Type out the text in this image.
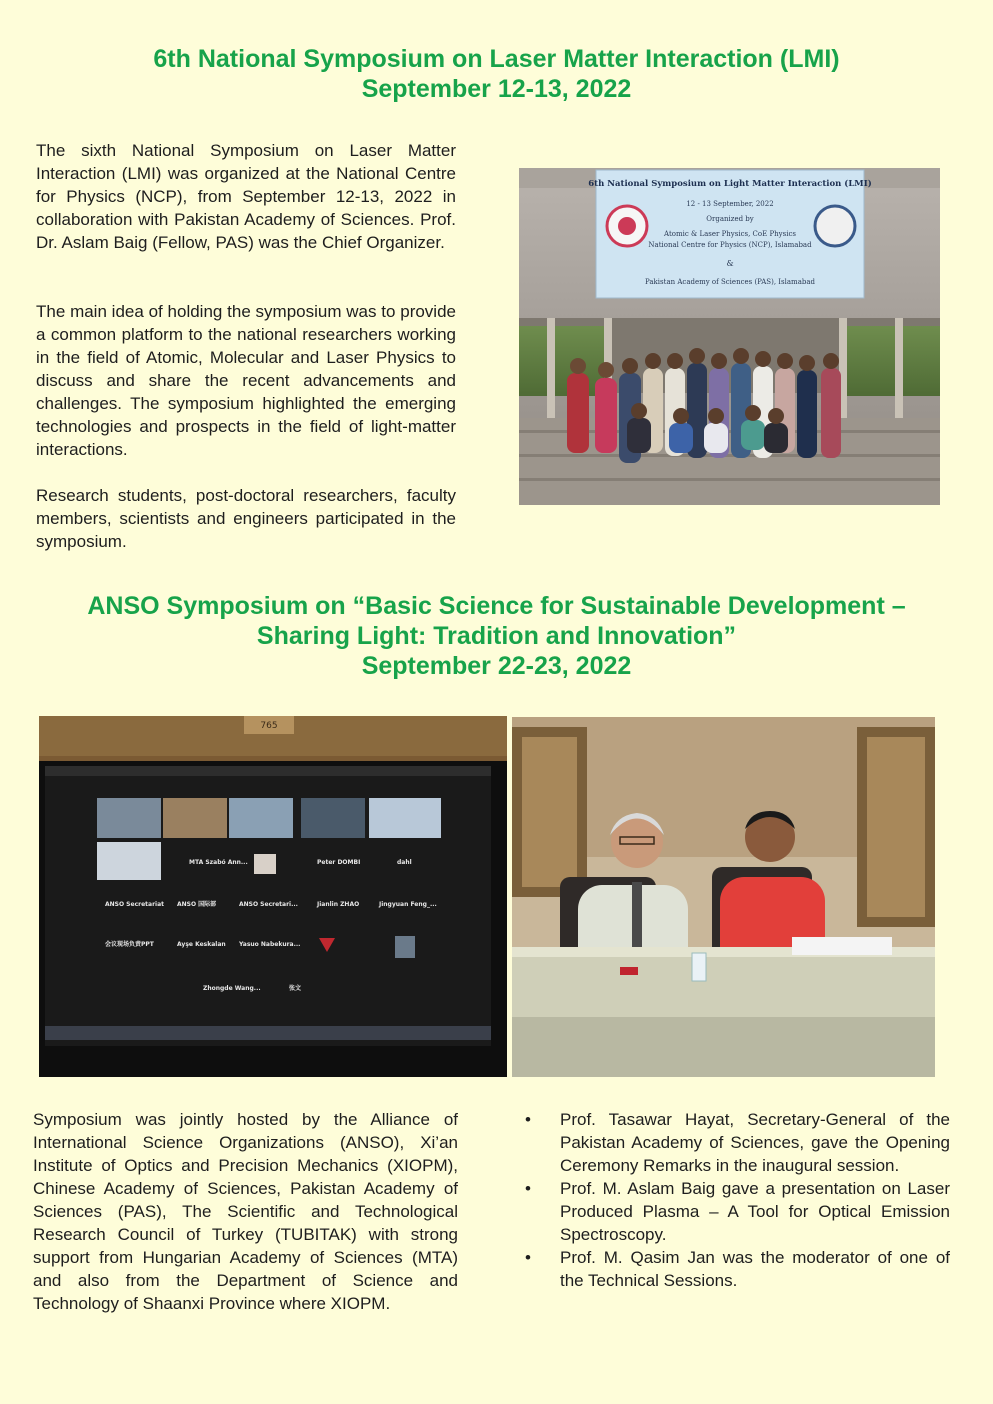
6th National Symposium on Laser Matter Interaction (LMI)
September 12-13, 2022

The sixth National Symposium on Laser Matter Interaction (LMI) was organized at the National Centre for Physics (NCP), from September 12-13, 2022 in collaboration with Pakistan Academy of Sciences. Prof. Dr. Aslam Baig (Fellow, PAS) was the Chief Organizer.

The main idea of holding the symposium was to provide a common platform to the national researchers working in the field of Atomic, Molecular and Laser Physics to discuss and share the recent advancements and challenges. The symposium highlighted the emerging technologies and prospects in the field of light-matter interactions.

Research students, post-doctoral researchers, faculty members, scientists and engineers participated in the symposium.

6th National Symposium on Light Matter Interaction (LMI)
12 - 13 September, 2022
Organized by
Atomic & Laser Physics, CoE Physics
National Centre for Physics (NCP), Islamabad
&
Pakistan Academy of Sciences (PAS), Islamabad
ANSO Symposium on “Basic Science for Sustainable Development –
Sharing Light: Tradition and Innovation”
September 22-23, 2022
765
MTA Szabó Ann...	Peter DOMBI	dahl
ANSO Secretariat ANSO 国际部	ANSO Secretari...	Jianlin ZHAO	Jingyuan Feng_...
会议现场负责PPT	Ayşe Keskalan Yasuo Nabekura...
Zhongde Wang...	张文

Symposium was jointly hosted by the Alliance of International Science Organizations (ANSO), Xi’an Institute of Optics and Precision Mechanics (XIOPM), Chinese Academy of Sciences, Pakistan Academy of Sciences (PAS), The Scientific and Technological Research Council of Turkey (TUBITAK) with strong support from Hungarian Academy of Sciences (MTA) and also from the Department of Science and Technology of Shaanxi Province where XIOPM.

• Prof. Tasawar Hayat, Secretary-General of the Pakistan Academy of Sciences, gave the Opening Ceremony Remarks in the inaugural session.
• Prof. M. Aslam Baig gave a presentation on Laser Produced Plasma – A Tool for Optical Emission Spectroscopy.
• Prof. M. Qasim Jan was the moderator of one of the Technical Sessions.
